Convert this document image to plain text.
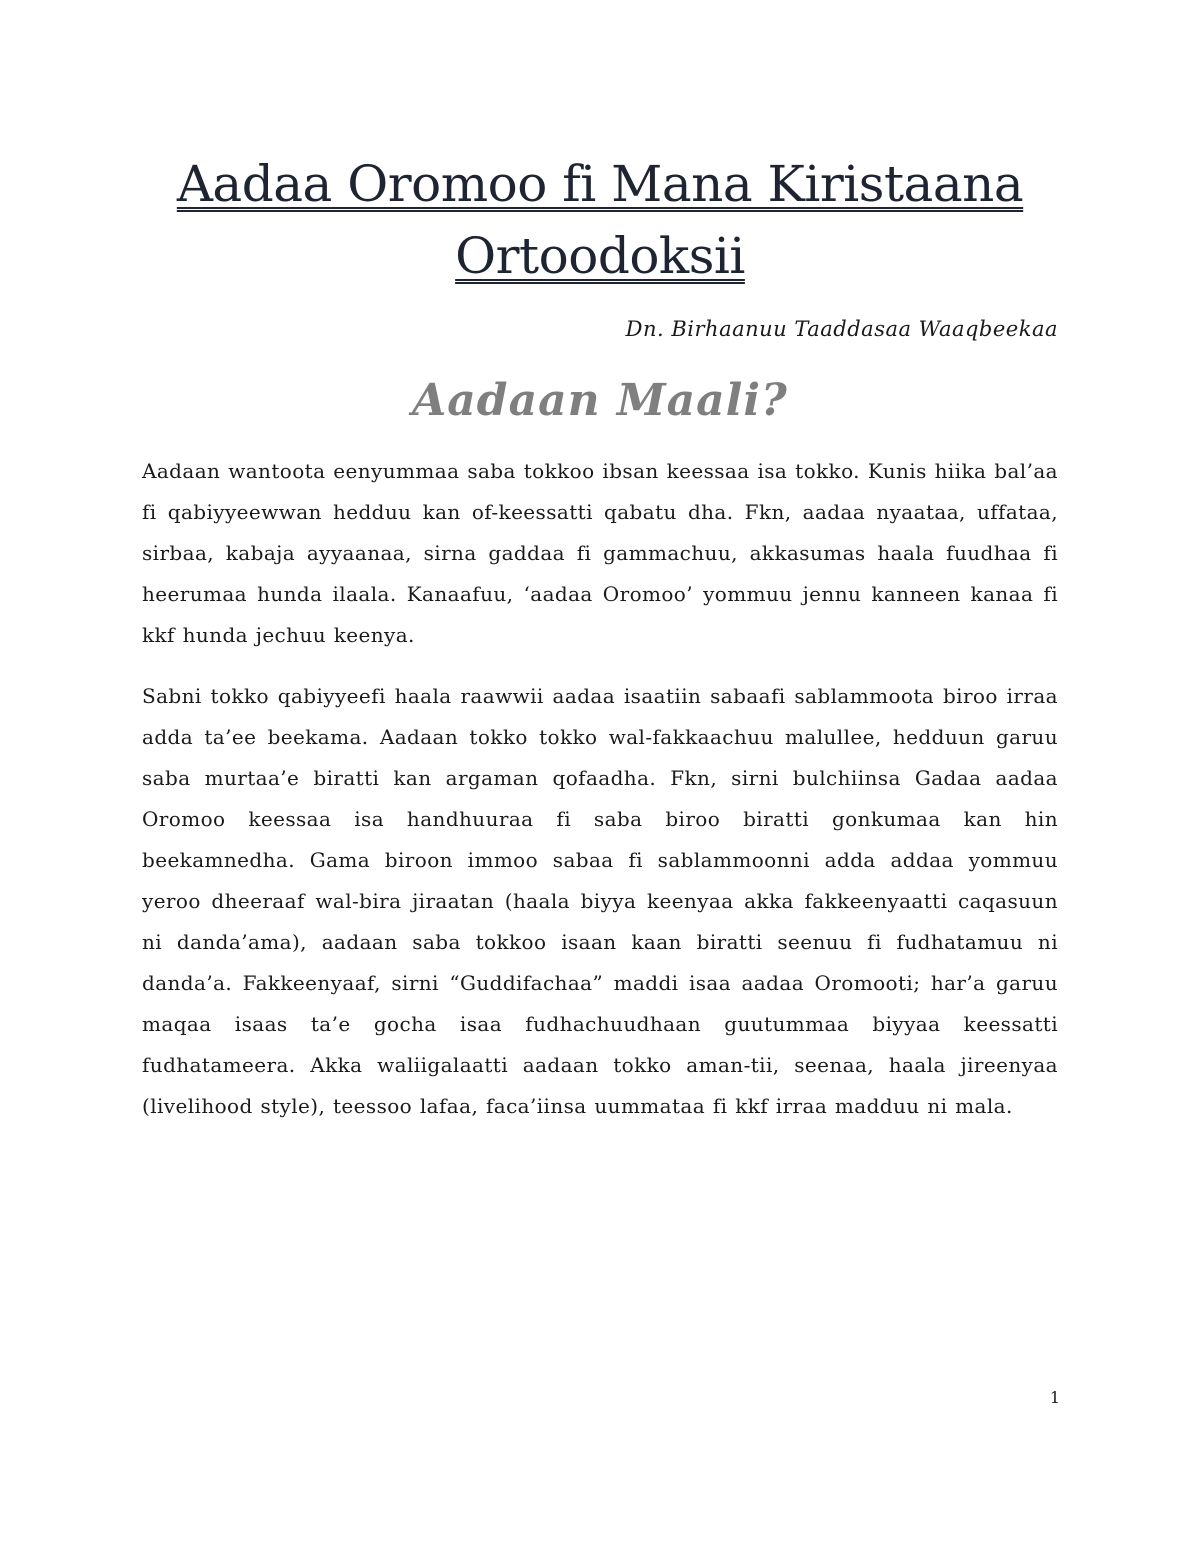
Aadaa Oromoo fi Mana Kiristaana Ortoodoksii

Dn. Birhaanuu Taaddasaa Waaqbeekaa

Aadaan Maali?

Aadaan wantoota eenyummaa saba tokkoo ibsan keessaa isa tokko. Kunis hiika bal’aa fi qabiyyeewwan hedduu kan of-keessatti qabatu dha. Fkn, aadaa nyaataa, uffataa, sirbaa, kabaja ayyaanaa, sirna gaddaa fi gammachuu, akkasumas haala fuudhaa fi heerumaa hunda ilaala. Kanaafuu, ‘aadaa Oromoo’ yommuu jennu kanneen kanaa fi kkf hunda jechuu keenya.

Sabni tokko qabiyyeefi haala raawwii aadaa isaatiin sabaafi sablammoota biroo irraa adda ta’ee beekama. Aadaan tokko tokko wal-fakkaachuu malullee, hedduun garuu saba murtaa’e biratti kan argaman qofaadha. Fkn, sirni bulchiinsa Gadaa aadaa Oromoo keessaa isa handhuuraa fi saba biroo biratti gonkumaa kan hin beekamnedha. Gama biroon immoo sabaa fi sablammoonni adda addaa yommuu yeroo dheeraaf wal-bira jiraatan (haala biyya keenyaa akka fakkeenyaatti caqasuun ni danda’ama), aadaan saba tokkoo isaan kaan biratti seenuu fi fudhatamuu ni danda’a. Fakkeenyaaf, sirni “Guddifachaa” maddi isaa aadaa Oromooti; har’a garuu maqaa isaas ta’e gocha isaa fudhachuudhaan guutummaa biyyaa keessatti fudhatameera. Akka waliigalaatti aadaan tokko aman-tii, seenaa, haala jireenyaa (livelihood style), teessoo lafaa, faca’iinsa uummataa fi kkf irraa madduu ni mala.

1
